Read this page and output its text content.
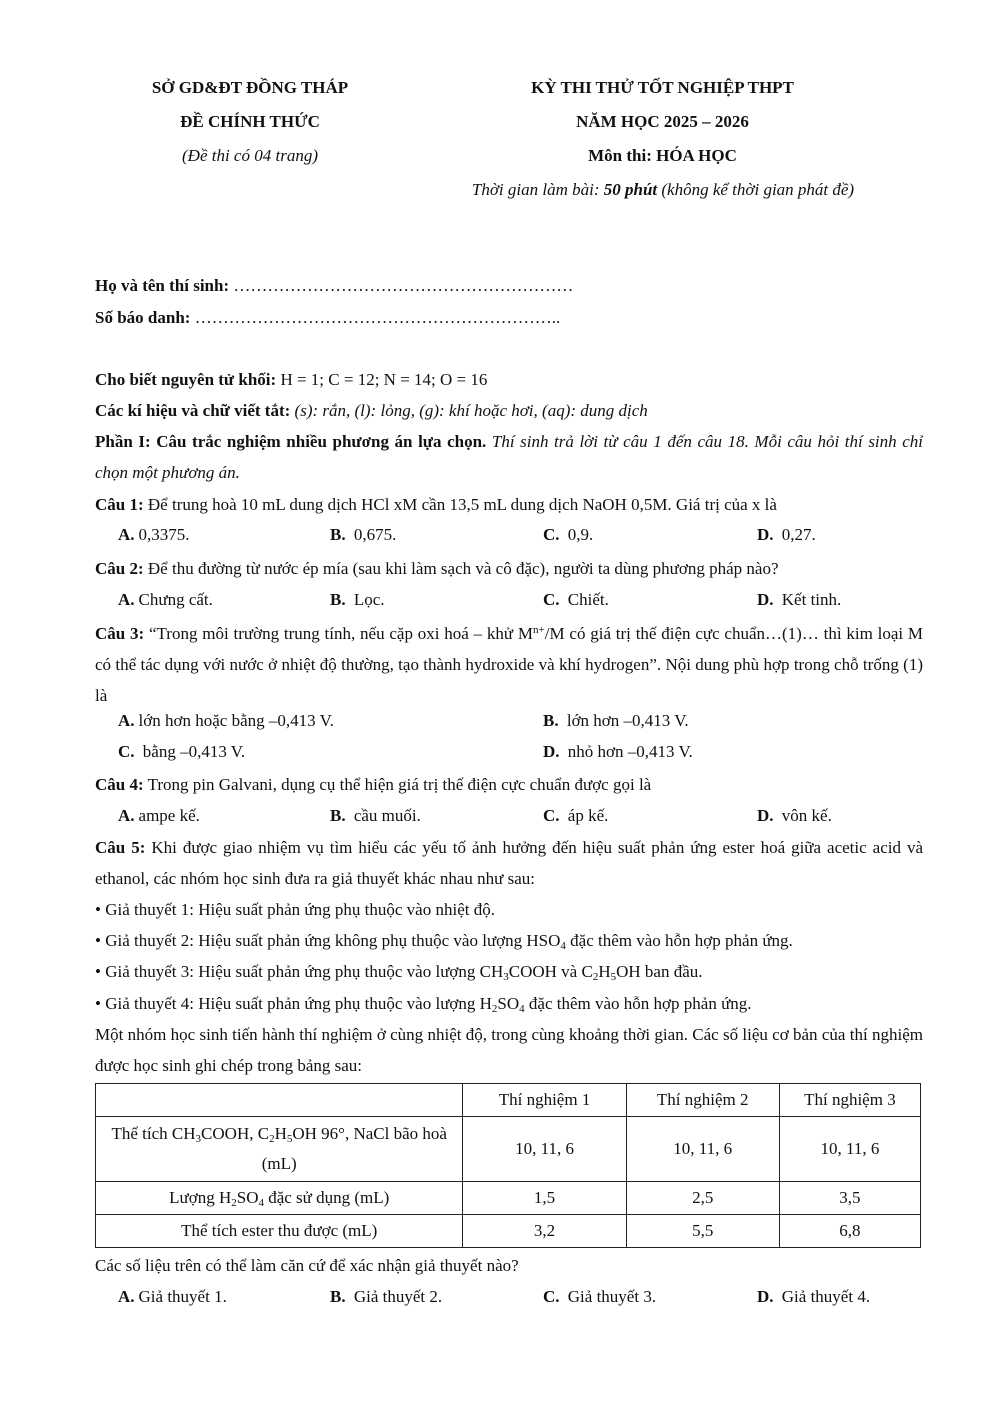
SỞ GD&ĐT ĐỒNG THÁP
ĐỀ CHÍNH THỨC
(Đề thi có 04 trang)
KỲ THI THỬ TỐT NGHIỆP THPT
NĂM HỌC 2025 – 2026
Môn thi: HÓA HỌC
Thời gian làm bài: 50 phút (không kể thời gian phát đề)
Họ và tên thí sinh: ……………………………………………………
Số báo danh: ………………………………………………………..
Cho biết nguyên tử khối: H = 1; C = 12; N = 14; O = 16
Các kí hiệu và chữ viết tắt: (s): rắn, (l): lỏng, (g): khí hoặc hơi, (aq): dung dịch
Phần I: Câu trắc nghiệm nhiều phương án lựa chọn. Thí sinh trả lời từ câu 1 đến câu 18. Mỗi câu hỏi thí sinh chỉ chọn một phương án.
Câu 1: Để trung hoà 10 mL dung dịch HCl xM cần 13,5 mL dung dịch NaOH 0,5M. Giá trị của x là
A. 0,3375.	B. 0,675.	C. 0,9.	D. 0,27.
Câu 2: Để thu đường từ nước ép mía (sau khi làm sạch và cô đặc), người ta dùng phương pháp nào?
A. Chưng cất.	B. Lọc.	C. Chiết.	D. Kết tinh.
Câu 3: “Trong môi trường trung tính, nếu cặp oxi hoá – khử $M^{n+}/M$ có giá trị thế điện cực chuẩn…(1)… thì kim loại M có thể tác dụng với nước ở nhiệt độ thường, tạo thành hydroxide và khí hydrogen”. Nội dung phù hợp trong chỗ trống (1) là
A. lớn hơn hoặc bằng –0,413 V.	B. lớn hơn –0,413 V.
C. bằng –0,413 V.	D. nhỏ hơn –0,413 V.
Câu 4: Trong pin Galvani, dụng cụ thể hiện giá trị thế điện cực chuẩn được gọi là
A. ampe kế.	B. cầu muối.	C. áp kế.	D. vôn kế.
Câu 5: Khi được giao nhiệm vụ tìm hiểu các yếu tố ảnh hưởng đến hiệu suất phản ứng ester hoá giữa acetic acid và ethanol, các nhóm học sinh đưa ra giả thuyết khác nhau như sau:
• Giả thuyết 1: Hiệu suất phản ứng phụ thuộc vào nhiệt độ.
• Giả thuyết 2: Hiệu suất phản ứng không phụ thuộc vào lượng $HSO_4$ đặc thêm vào hỗn hợp phản ứng.
• Giả thuyết 3: Hiệu suất phản ứng phụ thuộc vào lượng $CH_3COOH$ và $C_2H_5OH$ ban đầu.
• Giả thuyết 4: Hiệu suất phản ứng phụ thuộc vào lượng $H_2SO_4$ đặc thêm vào hỗn hợp phản ứng.
Một nhóm học sinh tiến hành thí nghiệm ở cùng nhiệt độ, trong cùng khoảng thời gian. Các số liệu cơ bản của thí nghiệm được học sinh ghi chép trong bảng sau:
	Thí nghiệm 1	Thí nghiệm 2	Thí nghiệm 3
Thể tích $CH_3COOH$, $C_2H_5OH$ 96°, NaCl bão hoà (mL)	10, 11, 6	10, 11, 6	10, 11, 6
Lượng $H_2SO_4$ đặc sử dụng (mL)	1,5	2,5	3,5
Thể tích ester thu được (mL)	3,2	5,5	6,8
Các số liệu trên có thể làm căn cứ để xác nhận giả thuyết nào?
A. Giả thuyết 1.	B. Giả thuyết 2.	C. Giả thuyết 3.	D. Giả thuyết 4.
